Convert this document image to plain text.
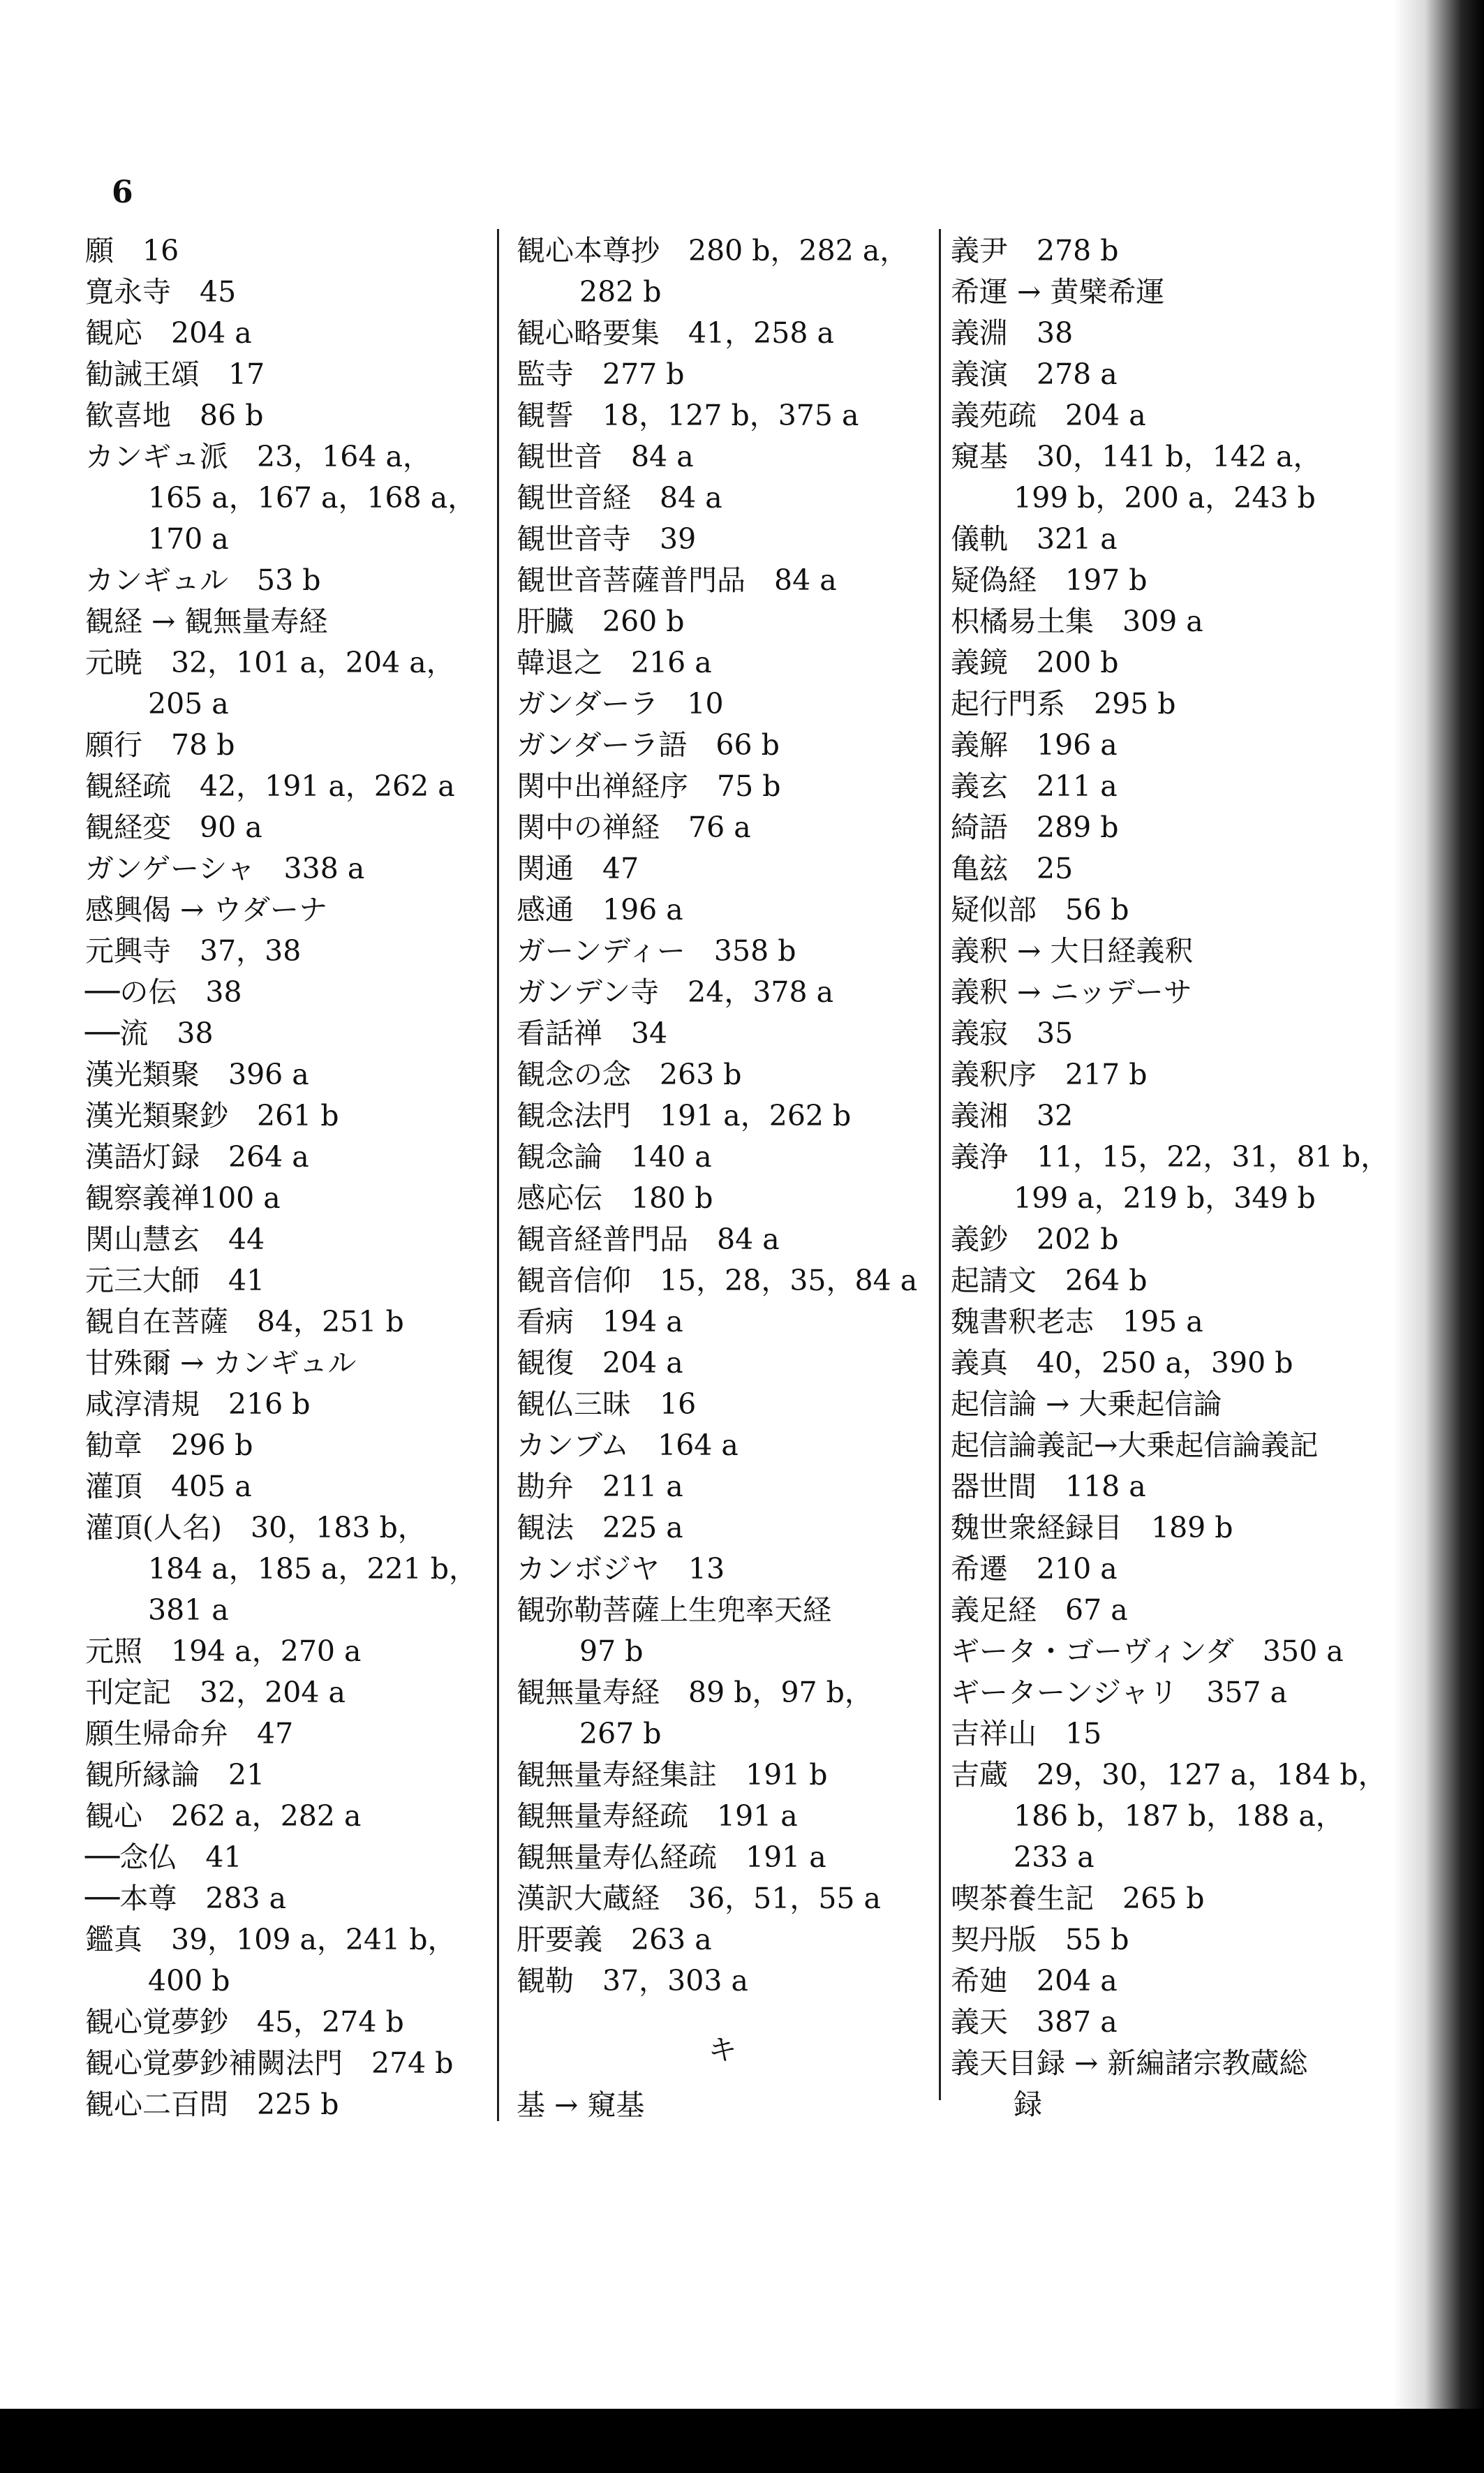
6
願　16
寛永寺　45
観応　204 a
勧誡王頌　17
歓喜地　86 b
カンギュ派　23，164 a，
165 a，167 a，168 a，
170 a
カンギュル　53 b
観経 → 観無量寿経
元暁　32，101 a，204 a，
205 a
願行　78 b
観経疏　42，191 a，262 a
観経変　90 a
ガンゲーシャ　338 a
感興偈 → ウダーナ
元興寺　37，38
──の伝　38
──流　38
漢光類聚　396 a
漢光類聚鈔　261 b
漢語灯録　264 a
観察義禅100 a
関山慧玄　44
元三大師　41
観自在菩薩　84，251 b
甘殊爾 → カンギュル
咸淳清規　216 b
勧章　296 b
灌頂　405 a
灌頂(人名)　30，183 b，
184 a，185 a，221 b，
381 a
元照　194 a，270 a
刊定記　32，204 a
願生帰命弁　47
観所縁論　21
観心　262 a，282 a
──念仏　41
──本尊　283 a
鑑真　39，109 a，241 b，
400 b
観心覚夢鈔　45，274 b
観心覚夢鈔補闕法門　274 b
観心二百問　225 b
観心本尊抄　280 b，282 a，
282 b
観心略要集　41，258 a
監寺　277 b
観誓　18，127 b，375 a
観世音　84 a
観世音経　84 a
観世音寺　39
観世音菩薩普門品　84 a
肝臓　260 b
韓退之　216 a
ガンダーラ　10
ガンダーラ語　66 b
関中出禅経序　75 b
関中の禅経　76 a
関通　47
感通　196 a
ガーンディー　358 b
ガンデン寺　24，378 a
看話禅　34
観念の念　263 b
観念法門　191 a，262 b
観念論　140 a
感応伝　180 b
観音経普門品　84 a
観音信仰　15，28，35，84 a
看病　194 a
観復　204 a
観仏三昧　16
カンブム　164 a
勘弁　211 a
観法　225 a
カンボジヤ　13
観弥勒菩薩上生兜率天経
97 b
観無量寿経　89 b，97 b，
267 b
観無量寿経集註　191 b
観無量寿経疏　191 a
観無量寿仏経疏　191 a
漢訳大蔵経　36，51，55 a
肝要義　263 a
観勒　37，303 a
キ
基 → 窺基
義尹　278 b
希運 → 黄檗希運
義淵　38
義演　278 a
義苑疏　204 a
窺基　30，141 b，142 a，
199 b，200 a，243 b
儀軌　321 a
疑偽経　197 b
枳橘易土集　309 a
義鏡　200 b
起行門系　295 b
義解　196 a
義玄　211 a
綺語　289 b
亀玆　25
疑似部　56 b
義釈 → 大日経義釈
義釈 → ニッデーサ
義寂　35
義釈序　217 b
義湘　32
義浄　11，15，22，31，81 b，
199 a，219 b，349 b
義鈔　202 b
起請文　264 b
魏書釈老志　195 a
義真　40，250 a，390 b
起信論 → 大乗起信論
起信論義記→大乗起信論義記
器世間　118 a
魏世衆経録目　189 b
希遷　210 a
義足経　67 a
ギータ・ゴーヴィンダ　350 a
ギーターンジャリ　357 a
吉祥山　15
吉蔵　29，30，127 a，184 b，
186 b，187 b，188 a，
233 a
喫茶養生記　265 b
契丹版　55 b
希廸　204 a
義天　387 a
義天目録 → 新編諸宗教蔵総
録
